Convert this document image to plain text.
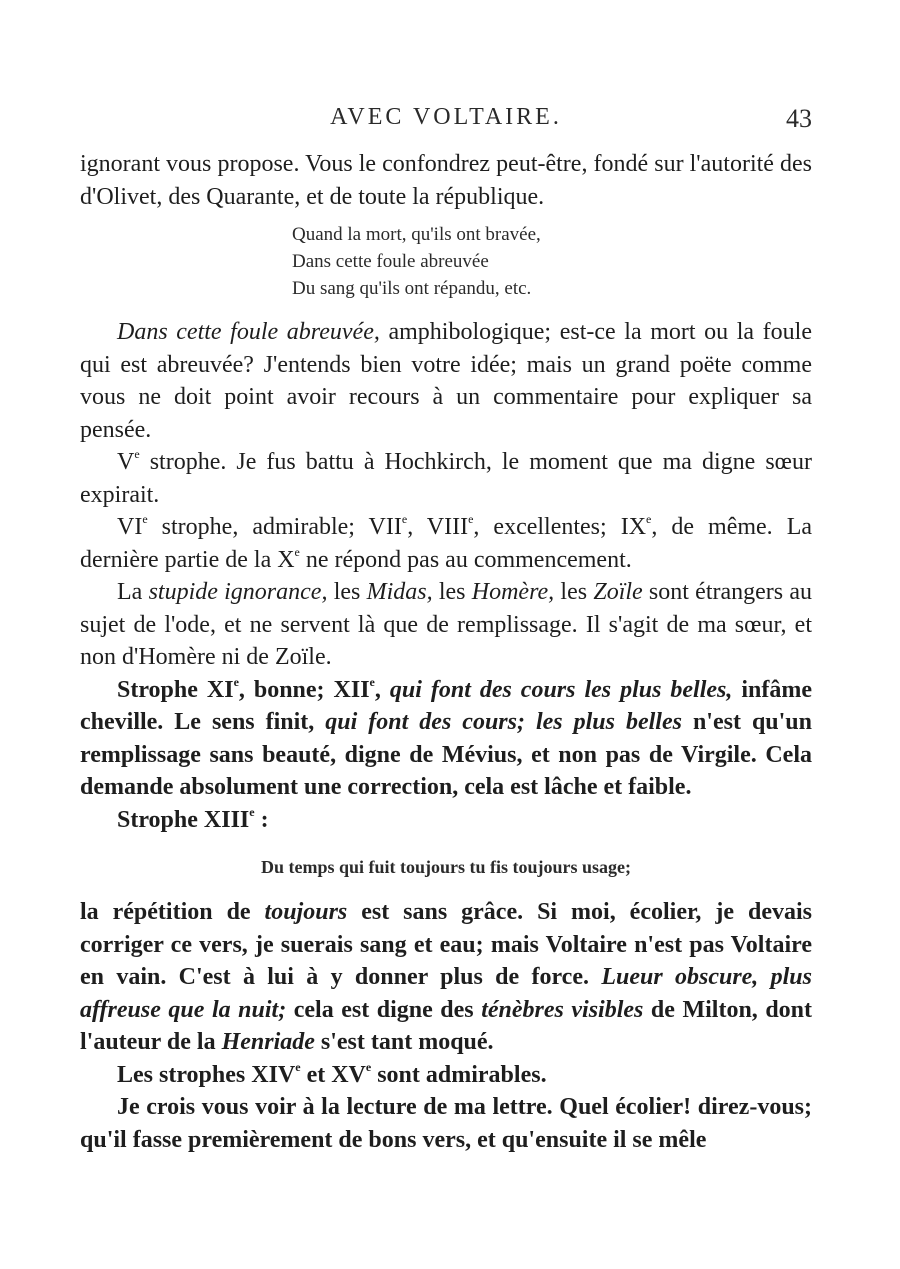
AVEC VOLTAIRE.	43

ignorant vous propose. Vous le confondrez peut-être, fondé sur l'autorité des d'Olivet, des Quarante, et de toute la république.

Quand la mort, qu'ils ont bravée,
Dans cette foule abreuvée
Du sang qu'ils ont répandu, etc.

Dans cette foule abreuvée, amphibologique; est-ce la mort ou la foule qui est abreuvée? J'entends bien votre idée; mais un grand poëte comme vous ne doit point avoir recours à un commentaire pour expliquer sa pensée.

Ve strophe. Je fus battu à Hochkirch, le moment que ma digne sœur expirait.

VIe strophe, admirable; VIIe, VIIIe, excellentes; IXe, de même. La dernière partie de la Xe ne répond pas au commencement.

La stupide ignorance, les Midas, les Homère, les Zoïle sont étrangers au sujet de l'ode, et ne servent là que de remplissage. Il s'agit de ma sœur, et non d'Homère ni de Zoïle.

Strophe XIe, bonne; XIIe, qui font des cours les plus belles, infâme cheville. Le sens finit, qui font des cours; les plus belles n'est qu'un remplissage sans beauté, digne de Mévius, et non pas de Virgile. Cela demande absolument une correction, cela est lâche et faible.

Strophe XIIIe :

Du temps qui fuit toujours tu fis toujours usage;

la répétition de toujours est sans grâce. Si moi, écolier, je devais corriger ce vers, je suerais sang et eau; mais Voltaire n'est pas Voltaire en vain. C'est à lui à y donner plus de force. Lueur obscure, plus affreuse que la nuit; cela est digne des ténèbres visibles de Milton, dont l'auteur de la Henriade s'est tant moqué.

Les strophes XIVe et XVe sont admirables.

Je crois vous voir à la lecture de ma lettre. Quel écolier! direz-vous; qu'il fasse premièrement de bons vers, et qu'ensuite il se mêle
